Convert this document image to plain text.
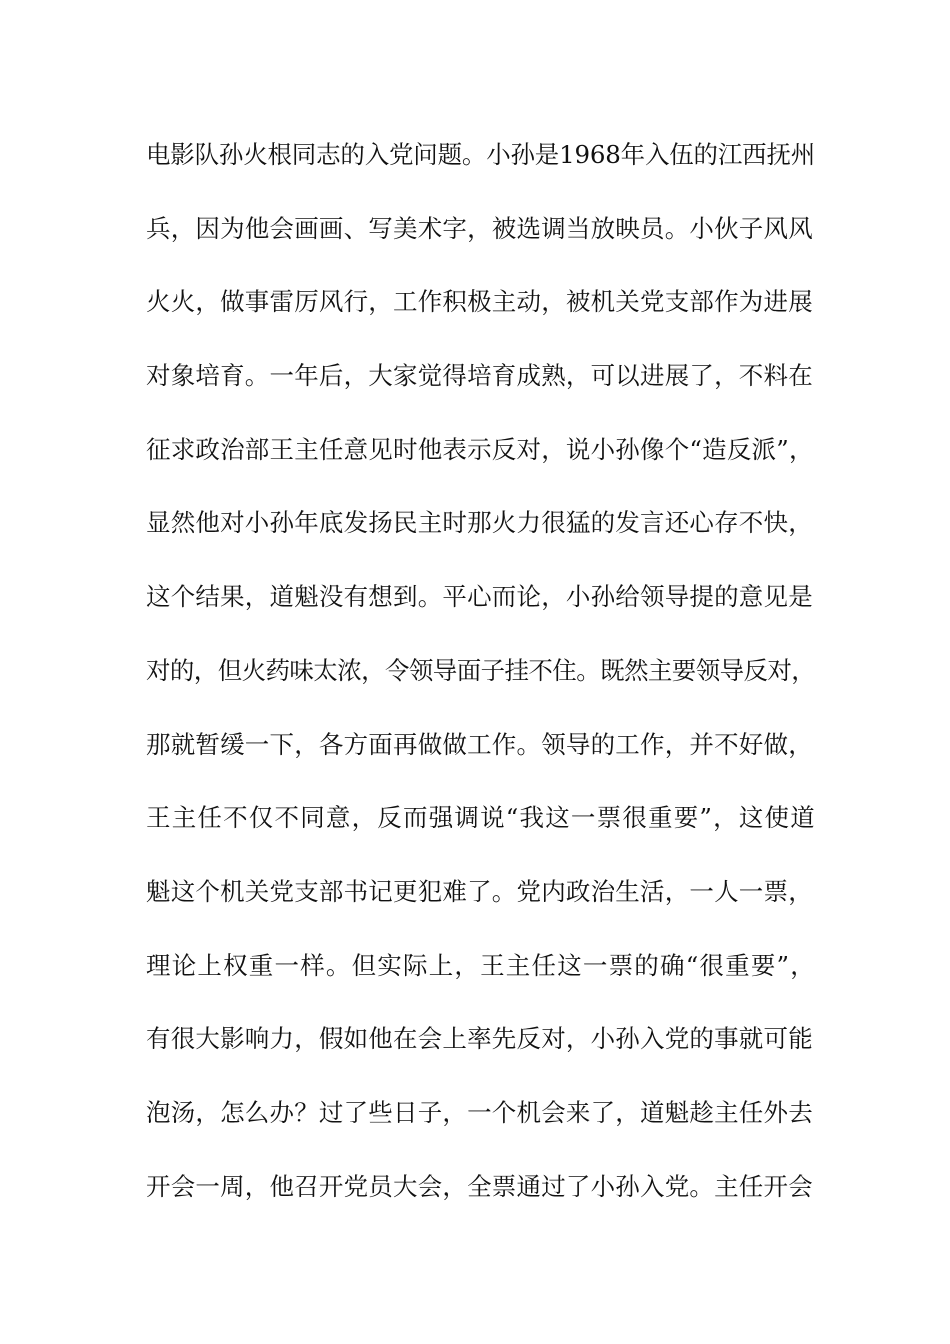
电影队孙火根同志的入党问题。小孙是1968年入伍的江西抚州
兵，因为他会画画、写美术字，被选调当放映员。小伙子风风
火火，做事雷厉风行，工作积极主动，被机关党支部作为进展
对象培育。一年后，大家觉得培育成熟，可以进展了，不料在
征求政治部王主任意见时他表示反对，说小孙像个“造反派”，
显然他对小孙年底发扬民主时那火力很猛的发言还心存不快，
这个结果，道魁没有想到。平心而论，小孙给领导提的意见是
对的，但火药味太浓，令领导面子挂不住。既然主要领导反对，
那就暂缓一下，各方面再做做工作。领导的工作，并不好做，
王主任不仅不同意，反而强调说“我这一票很重要”，这使道
魁这个机关党支部书记更犯难了。党内政治生活，一人一票，
理论上权重一样。但实际上，王主任这一票的确“很重要”，
有很大影响力，假如他在会上率先反对，小孙入党的事就可能
泡汤，怎么办？过了些日子，一个机会来了，道魁趁主任外去
开会一周，他召开党员大会，全票通过了小孙入党。主任开会
